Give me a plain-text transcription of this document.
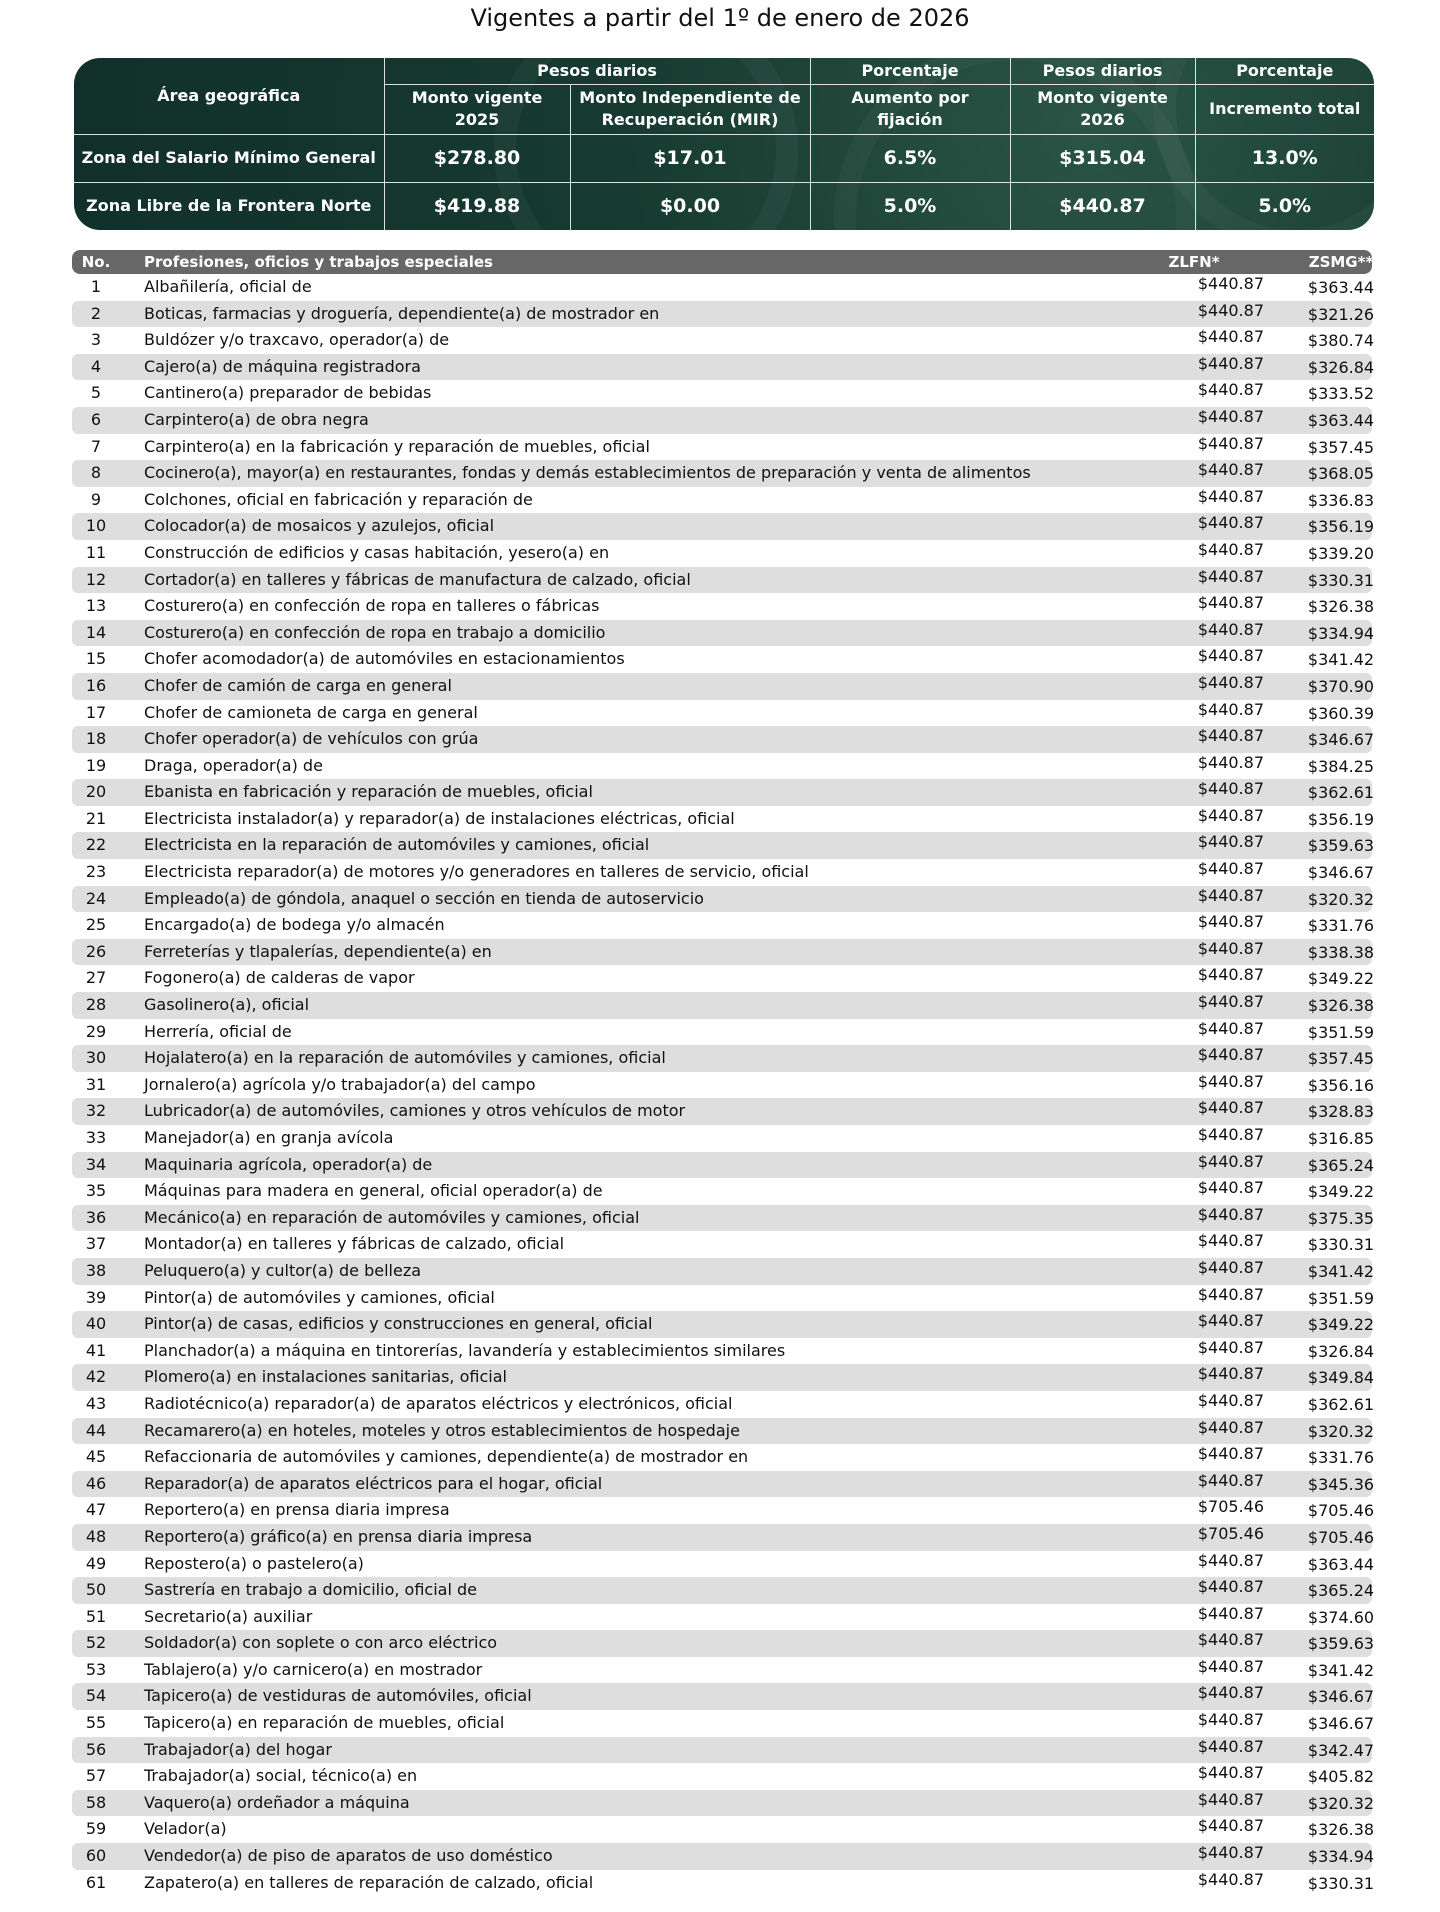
Vigentes a partir del 1º de enero de 2026
Área geográfica	Pesos diarios		Porcentaje	Pesos diarios	Porcentaje
	Monto vigente 2025	Monto Independiente de Recuperación (MIR)	Aumento por fijación	Monto vigente 2026	Incremento total
Zona del Salario Mínimo General	$278.80	$17.01	6.5%	$315.04	13.0%
Zona Libre de la Frontera Norte	$419.88	$0.00	5.0%	$440.87	5.0%
No.	Profesiones, oficios y trabajos especiales	ZLFN*	ZSMG**
1	Albañilería, oficial de	$440.87	$363.44
2	Boticas, farmacias y droguería, dependiente(a) de mostrador en	$440.87	$321.26
3	Buldózer y/o traxcavo, operador(a) de	$440.87	$380.74
4	Cajero(a) de máquina registradora	$440.87	$326.84
5	Cantinero(a) preparador de bebidas	$440.87	$333.52
6	Carpintero(a) de obra negra	$440.87	$363.44
7	Carpintero(a) en la fabricación y reparación de muebles, oficial	$440.87	$357.45
8	Cocinero(a), mayor(a) en restaurantes, fondas y demás establecimientos de preparación y venta de alimentos	$440.87	$368.05
9	Colchones, oficial en fabricación y reparación de	$440.87	$336.83
10	Colocador(a) de mosaicos y azulejos, oficial	$440.87	$356.19
11	Construcción de edificios y casas habitación, yesero(a) en	$440.87	$339.20
12	Cortador(a) en talleres y fábricas de manufactura de calzado, oficial	$440.87	$330.31
13	Costurero(a) en confección de ropa en talleres o fábricas	$440.87	$326.38
14	Costurero(a) en confección de ropa en trabajo a domicilio	$440.87	$334.94
15	Chofer acomodador(a) de automóviles en estacionamientos	$440.87	$341.42
16	Chofer de camión de carga en general	$440.87	$370.90
17	Chofer de camioneta de carga en general	$440.87	$360.39
18	Chofer operador(a) de vehículos con grúa	$440.87	$346.67
19	Draga, operador(a) de	$440.87	$384.25
20	Ebanista en fabricación y reparación de muebles, oficial	$440.87	$362.61
21	Electricista instalador(a) y reparador(a) de instalaciones eléctricas, oficial	$440.87	$356.19
22	Electricista en la reparación de automóviles y camiones, oficial	$440.87	$359.63
23	Electricista reparador(a) de motores y/o generadores en talleres de servicio, oficial	$440.87	$346.67
24	Empleado(a) de góndola, anaquel o sección en tienda de autoservicio	$440.87	$320.32
25	Encargado(a) de bodega y/o almacén	$440.87	$331.76
26	Ferreterías y tlapalerías, dependiente(a) en	$440.87	$338.38
27	Fogonero(a) de calderas de vapor	$440.87	$349.22
28	Gasolinero(a), oficial	$440.87	$326.38
29	Herrería, oficial de	$440.87	$351.59
30	Hojalatero(a) en la reparación de automóviles y camiones, oficial	$440.87	$357.45
31	Jornalero(a) agrícola y/o trabajador(a) del campo	$440.87	$356.16
32	Lubricador(a) de automóviles, camiones y otros vehículos de motor	$440.87	$328.83
33	Manejador(a) en granja avícola	$440.87	$316.85
34	Maquinaria agrícola, operador(a) de	$440.87	$365.24
35	Máquinas para madera en general, oficial operador(a) de	$440.87	$349.22
36	Mecánico(a) en reparación de automóviles y camiones, oficial	$440.87	$375.35
37	Montador(a) en talleres y fábricas de calzado, oficial	$440.87	$330.31
38	Peluquero(a) y cultor(a) de belleza	$440.87	$341.42
39	Pintor(a) de automóviles y camiones, oficial	$440.87	$351.59
40	Pintor(a) de casas, edificios y construcciones en general, oficial	$440.87	$349.22
41	Planchador(a) a máquina en tintorerías, lavandería y establecimientos similares	$440.87	$326.84
42	Plomero(a) en instalaciones sanitarias, oficial	$440.87	$349.84
43	Radiotécnico(a) reparador(a) de aparatos eléctricos y electrónicos, oficial	$440.87	$362.61
44	Recamarero(a) en hoteles, moteles y otros establecimientos de hospedaje	$440.87	$320.32
45	Refaccionaria de automóviles y camiones, dependiente(a) de mostrador en	$440.87	$331.76
46	Reparador(a) de aparatos eléctricos para el hogar, oficial	$440.87	$345.36
47	Reportero(a) en prensa diaria impresa	$705.46	$705.46
48	Reportero(a) gráfico(a) en prensa diaria impresa	$705.46	$705.46
49	Repostero(a) o pastelero(a)	$440.87	$363.44
50	Sastrería en trabajo a domicilio, oficial de	$440.87	$365.24
51	Secretario(a) auxiliar	$440.87	$374.60
52	Soldador(a) con soplete o con arco eléctrico	$440.87	$359.63
53	Tablajero(a) y/o carnicero(a) en mostrador	$440.87	$341.42
54	Tapicero(a) de vestiduras de automóviles, oficial	$440.87	$346.67
55	Tapicero(a) en reparación de muebles, oficial	$440.87	$346.67
56	Trabajador(a) del hogar	$440.87	$342.47
57	Trabajador(a) social, técnico(a) en	$440.87	$405.82
58	Vaquero(a) ordeñador a máquina	$440.87	$320.32
59	Velador(a)	$440.87	$326.38
60	Vendedor(a) de piso de aparatos de uso doméstico	$440.87	$334.94
61	Zapatero(a) en talleres de reparación de calzado, oficial	$440.87	$330.31
